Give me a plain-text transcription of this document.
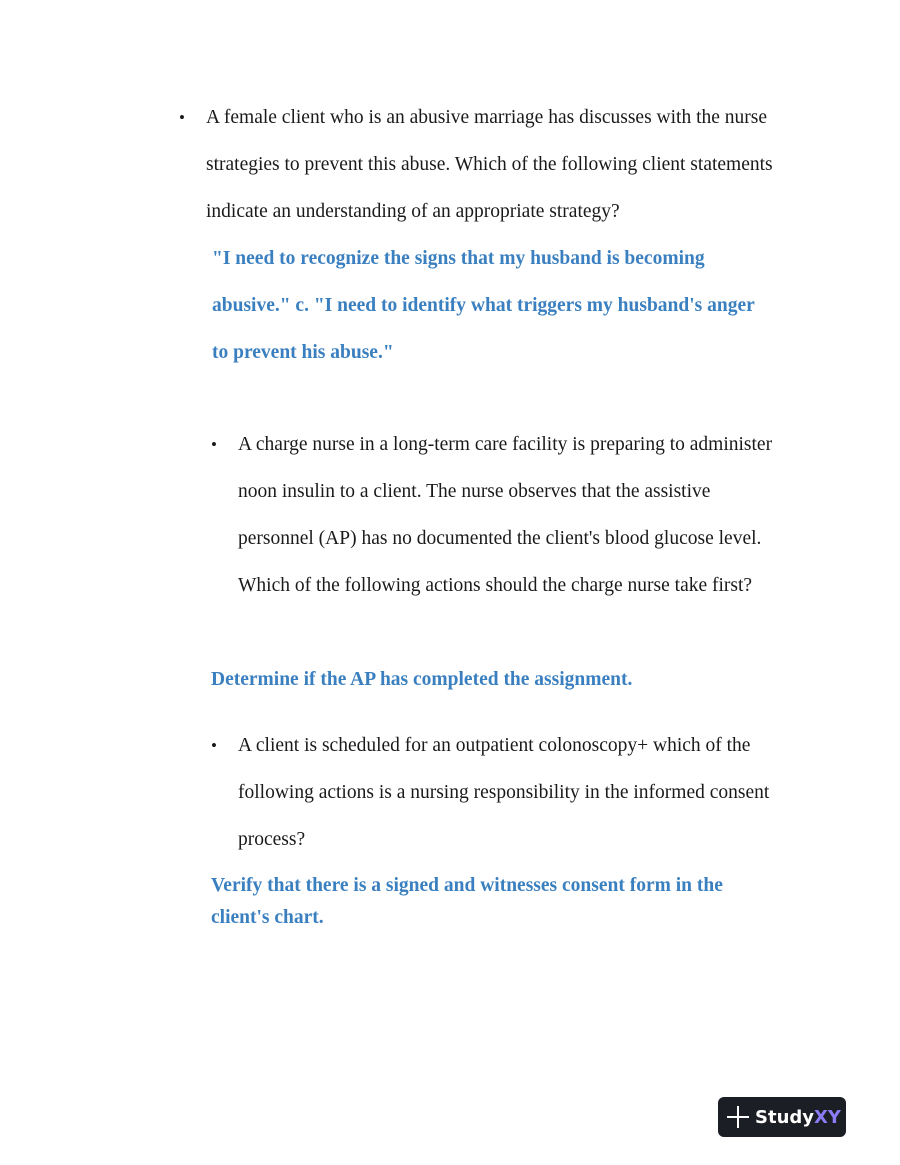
• A female client who is an abusive marriage has discusses with the nurse strategies to prevent this abuse. Which of the following client statements indicate an understanding of an appropriate strategy?
"I need to recognize the signs that my husband is becoming abusive." c. "I need to identify what triggers my husband's anger to prevent his abuse."
• A charge nurse in a long-term care facility is preparing to administer noon insulin to a client. The nurse observes that the assistive personnel (AP) has no documented the client's blood glucose level. Which of the following actions should the charge nurse take first?
Determine if the AP has completed the assignment.
• A client is scheduled for an outpatient colonoscopy+ which of the following actions is a nursing responsibility in the informed consent process?
Verify that there is a signed and witnesses consent form in the client's chart.
Study XY
